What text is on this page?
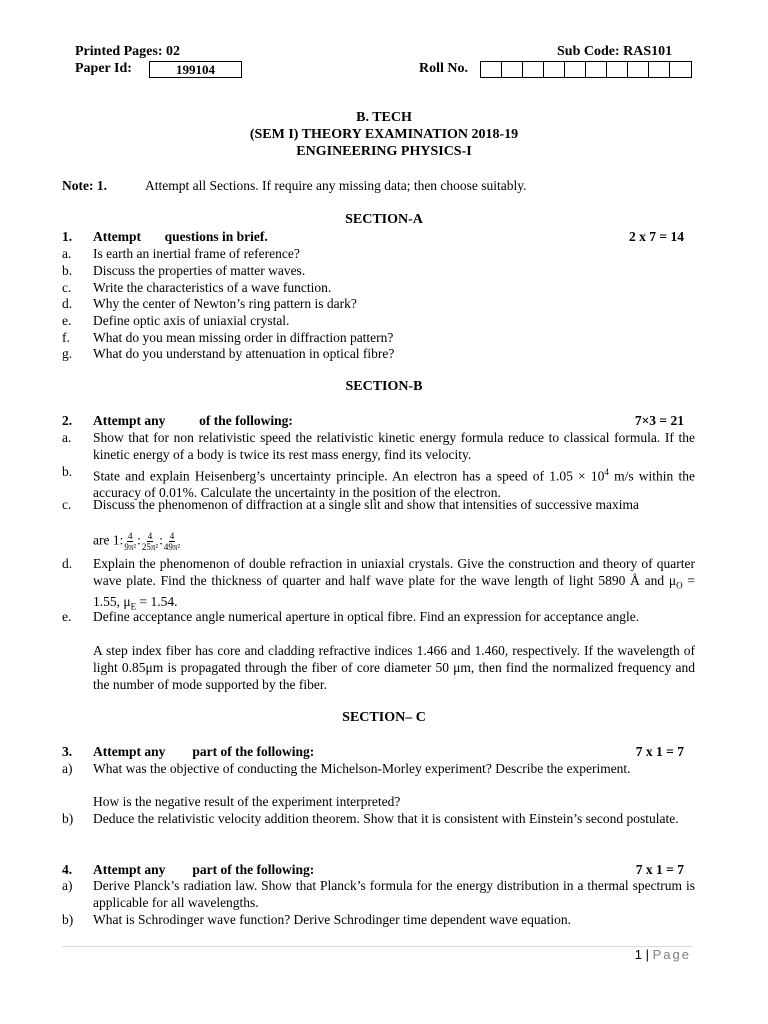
Printed Pages: 02	Sub Code: RAS101
Paper Id:	199104	Roll No.
B. TECH
(SEM I) THEORY EXAMINATION 2018-19
ENGINEERING PHYSICS-I
Note: 1.	Attempt all Sections. If require any missing data; then choose suitably.
SECTION-A
1. Attempt       questions in brief.	2 x 7 = 14
a. Is earth an inertial frame of reference?
b. Discuss the properties of matter waves.
c. Write the characteristics of a wave function.
d. Why the center of Newton’s ring pattern is dark?
e. Define optic axis of uniaxial crystal.
f. What do you mean missing order in diffraction pattern?
g. What do you understand by attenuation in optical fibre?
SECTION-B
2. Attempt any          of the following:	7×3 = 21
a. Show that for non relativistic speed the relativistic kinetic energy formula reduce to classical formula. If the kinetic energy of a body is twice its rest mass energy, find its velocity.
b. State and explain Heisenberg’s uncertainty principle. An electron has a speed of $1.05 \times 10^4$ m/s within the accuracy of 0.01%. Calculate the uncertainty in the position of the electron.
c. Discuss the phenomenon of diffraction at a single slit and show that intensities of successive maxima
are 1: $\frac{4}{\text{9π²}}$ : $\frac{4}{\text{25π²}}$ : $\frac{4}{\text{49π²}}$
d. Explain the phenomenon of double refraction in uniaxial crystals. Give the construction and theory of quarter wave plate. Find the thickness of quarter and half wave plate for the wave length of light 5890 Å and $\mu_O = 1.55$, $\mu_E = 1.54$.
e. Define acceptance angle numerical aperture in optical fibre. Find an expression for acceptance angle.
A step index fiber has core and cladding refractive indices 1.466 and 1.460, respectively. If the wavelength of light 0.85μm is propagated through the fiber of core diameter 50 μm, then find the normalized frequency and the number of mode supported by the fiber.
SECTION– C
3. Attempt any        part of the following:	7 x 1 = 7
a) What was the objective of conducting the Michelson-Morley experiment? Describe the experiment.
How is the negative result of the experiment interpreted?
b) Deduce the relativistic velocity addition theorem. Show that it is consistent with Einstein’s second postulate.
4. Attempt any        part of the following:	7 x 1 = 7
a) Derive Planck’s radiation law. Show that Planck’s formula for the energy distribution in a thermal spectrum is applicable for all wavelengths.
b) What is Schrodinger wave function? Derive Schrodinger time dependent wave equation.
1 | Page
